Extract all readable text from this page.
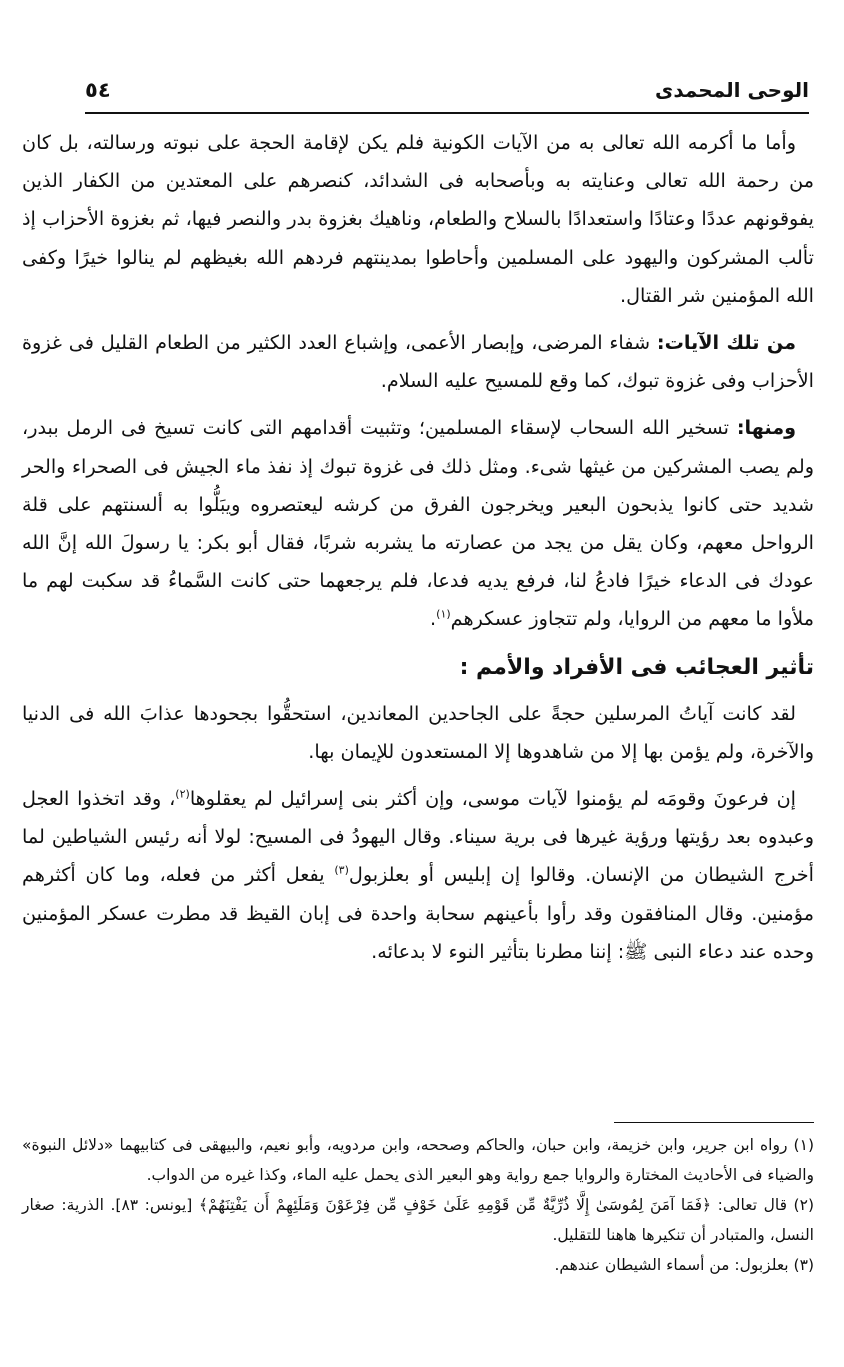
الوحى المحمدى
٥٤

وأما ما أكرمه الله تعالى به من الآيات الكونية فلم يكن لإقامة الحجة على نبوته ورسالته، بل كان من رحمة الله تعالى وعنايته به وبأصحابه فى الشدائد، كنصرهم على المعتدين من الكفار الذين يفوقونهم عددًا وعتادًا واستعدادًا بالسلاح والطعام، وناهيك بغزوة بدر والنصر فيها، ثم بغزوة الأحزاب إذ تألب المشركون واليهود على المسلمين وأحاطوا بمدينتهم فردهم الله بغيظهم لم ينالوا خيرًا وكفى الله المؤمنين شر القتال.

من تلك الآيات: شفاء المرضى، وإبصار الأعمى، وإشباع العدد الكثير من الطعام القليل فى غزوة الأحزاب وفى غزوة تبوك، كما وقع للمسيح عليه السلام.

ومنها: تسخير الله السحاب لإسقاء المسلمين؛ وتثبيت أقدامهم التى كانت تسيخ فى الرمل ببدر، ولم يصب المشركين من غيثها شىء. ومثل ذلك فى غزوة تبوك إذ نفذ ماء الجيش فى الصحراء والحر شديد حتى كانوا يذبحون البعير ويخرجون الفرق من كرشه ليعتصروه ويبَلُّوا به ألسنتهم على قلة الرواحل معهم، وكان يقل من يجد من عصارته ما يشربه شربًا، فقال أبو بكر: يا رسولَ الله إنَّ الله عودك فى الدعاء خيرًا فادعُ لنا، فرفع يديه فدعا، فلم يرجعهما حتى كانت السَّماءُ قد سكبت لهم ما ملأوا ما معهم من الروايا، ولم تتجاوز عسكرهم$^{(١)}$.

تأثير العجائب فى الأفراد والأمم :

لقد كانت آياتُ المرسلين حجةً على الجاحدين المعاندين، استحقُّوا بجحودها عذابَ الله فى الدنيا والآخرة، ولم يؤمن بها إلا من شاهدوها إلا المستعدون للإيمان بها.

إن فرعونَ وقومَه لم يؤمنوا لآيات موسى، وإن أكثر بنى إسرائيل لم يعقلوها$^{(٢)}$، وقد اتخذوا العجل وعبدوه بعد رؤيتها ورؤية غيرها فى برية سيناء. وقال اليهودُ فى المسيح: لولا أنه رئيس الشياطين لما أخرج الشيطان من الإنسان. وقالوا إن إبليس أو بعلزبول$^{(٣)}$ يفعل أكثر من فعله، وما كان أكثرهم مؤمنين. وقال المنافقون وقد رأوا بأعينهم سحابة واحدة فى إبان القيظ قد مطرت عسكر المؤمنين وحده عند دعاء النبى ﷺ: إننا مطرنا بتأثير النوء لا بدعائه.

(١) رواه ابن جرير، وابن خزيمة، وابن حبان، والحاكم وصححه، وابن مردويه، وأبو نعيم، والبيهقى فى كتابيهما «دلائل النبوة» والضياء فى الأحاديث المختارة والروايا جمع رواية وهو البعير الذى يحمل عليه الماء، وكذا غيره من الدواب.

(٢) قال تعالى: ﴿فَمَا آمَنَ لِمُوسَىٰ إِلَّا ذُرِّيَّةٌ مِّن قَوْمِهِ عَلَىٰ خَوْفٍ مِّن فِرْعَوْنَ وَمَلَئِهِمْ أَن يَفْتِنَهُمْ﴾ [يونس: ٨٣]. الذرية: صغار النسل، والمتبادر أن تنكيرها هاهنا للتقليل.

(٣) بعلزبول: من أسماء الشيطان عندهم.
